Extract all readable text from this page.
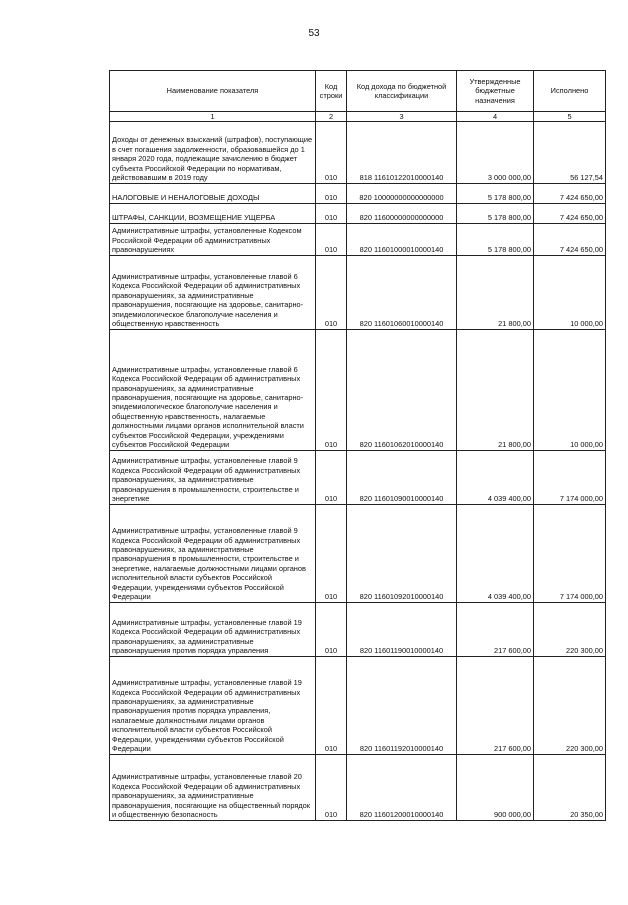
53
Наименование показателя	Код строки	Код дохода по бюджетной классификации	Утвержденные бюджетные назначения	Исполнено
1	2	3	4	5
Доходы от денежных взысканий (штрафов), поступающие в счет погашения задолженности, образовавшейся до 1 января 2020 года, подлежащие зачислению в бюджет субъекта Российской Федерации по нормативам, действовавшим в 2019 году	010	818 11610122010000140	3 000 000,00	56 127,54
НАЛОГОВЫЕ И НЕНАЛОГОВЫЕ ДОХОДЫ	010	820 10000000000000000	5 178 800,00	7 424 650,00
ШТРАФЫ, САНКЦИИ, ВОЗМЕЩЕНИЕ УЩЕРБА	010	820 11600000000000000	5 178 800,00	7 424 650,00
Административные штрафы, установленные Кодексом Российской Федерации об административных правонарушениях	010	820 11601000010000140	5 178 800,00	7 424 650,00
Административные штрафы, установленные главой 6 Кодекса Российской Федерации об административных правонарушениях, за административные правонарушения, посягающие на здоровье, санитарно-эпидемиологическое благополучие населения и общественную нравственность	010	820 11601060010000140	21 800,00	10 000,00
Административные штрафы, установленные главой 6 Кодекса Российской Федерации об административных правонарушениях, за административные правонарушения, посягающие на здоровье, санитарно-эпидемиологическое благополучие населения и общественную нравственность, налагаемые должностными лицами органов исполнительной власти субъектов Российской Федерации, учреждениями субъектов Российской Федерации	010	820 11601062010000140	21 800,00	10 000,00
Административные штрафы, установленные главой 9 Кодекса Российской Федерации об административных правонарушениях, за административные правонарушения в промышленности, строительстве и энергетике	010	820 11601090010000140	4 039 400,00	7 174 000,00
Административные штрафы, установленные главой 9 Кодекса Российской Федерации об административных правонарушениях, за административные правонарушения в промышленности, строительстве и энергетике, налагаемые должностными лицами органов исполнительной власти субъектов Российской Федерации, учреждениями субъектов Российской Федерации	010	820 11601092010000140	4 039 400,00	7 174 000,00
Административные штрафы, установленные главой 19 Кодекса Российской Федерации об административных правонарушениях, за административные правонарушения против порядка управления	010	820 11601190010000140	217 600,00	220 300,00
Административные штрафы, установленные главой 19 Кодекса Российской Федерации об административных правонарушениях, за административные правонарушения против порядка управления, налагаемые должностными лицами органов исполнительной власти субъектов Российской Федерации, учреждениями субъектов Российской Федерации	010	820 11601192010000140	217 600,00	220 300,00
Административные штрафы, установленные главой 20 Кодекса Российской Федерации об административных правонарушениях, за административные правонарушения, посягающие на общественный порядок и общественную безопасность	010	820 11601200010000140	900 000,00	20 350,00
